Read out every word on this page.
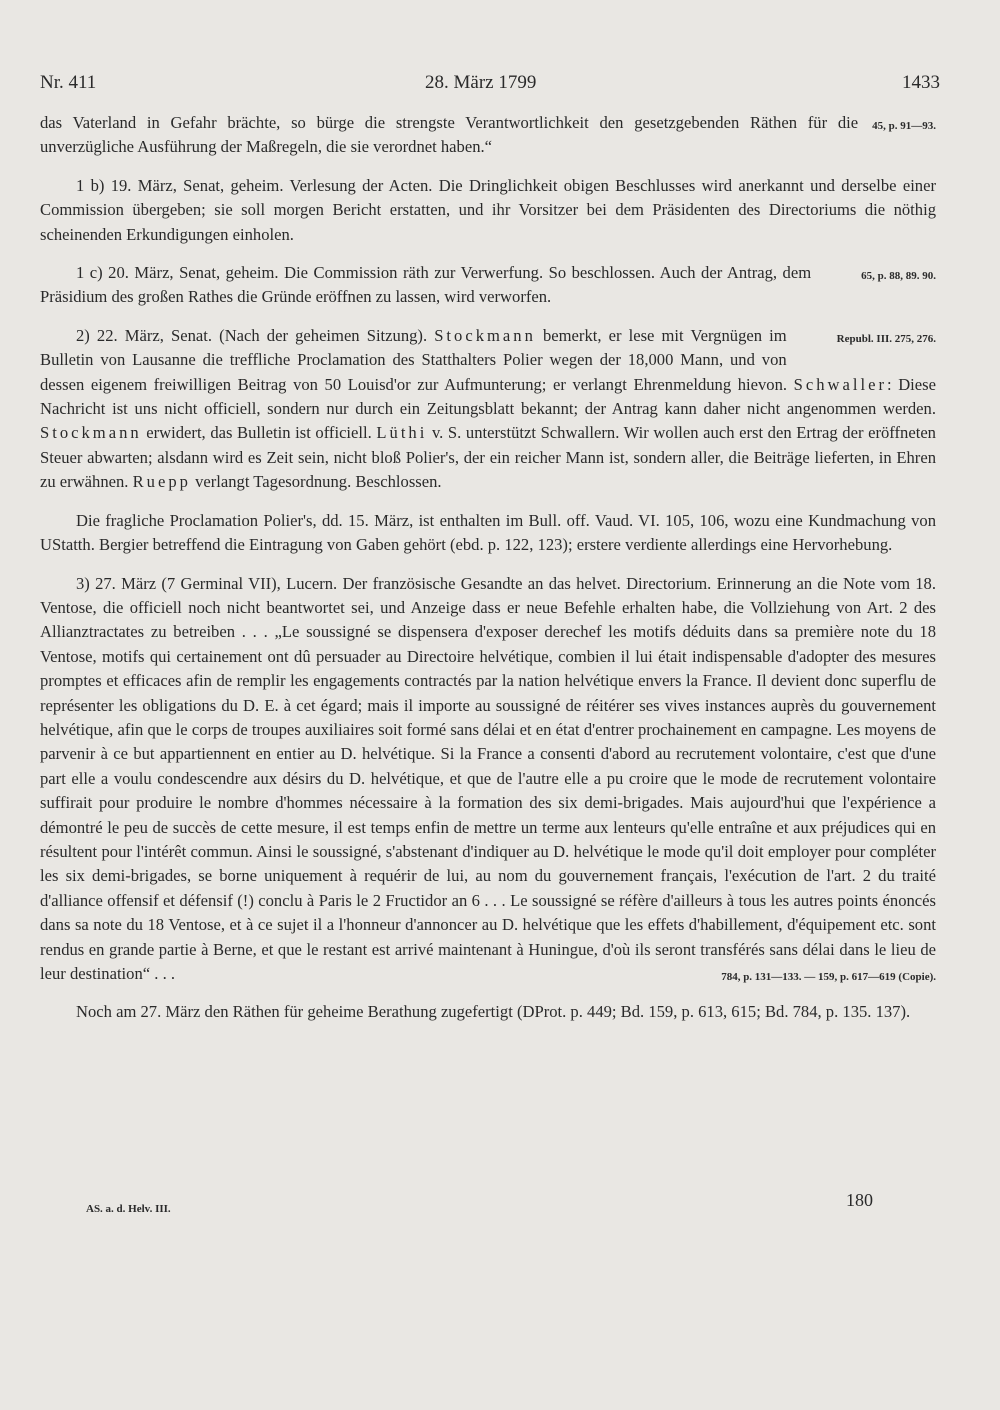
Nr. 411	28. März 1799	1433

45, p. 91—93.
das Vaterland in Gefahr brächte, so bürge die strengste Verantwortlichkeit den gesetzgebenden Räthen für die unverzügliche Ausführung der Maßregeln, die sie verordnet haben.“

1 b) 19. März, Senat, geheim. Verlesung der Acten. Die Dringlichkeit obigen Beschlusses wird anerkannt und derselbe einer Commission übergeben; sie soll morgen Bericht erstatten, und ihr Vorsitzer bei dem Präsidenten des Directoriums die nöthig scheinenden Erkundigungen einholen.

65, p. 88, 89. 90.
1 c) 20. März, Senat, geheim. Die Commission räth zur Verwerfung. So beschlossen. Auch der Antrag, dem Präsidium des großen Rathes die Gründe eröffnen zu lassen, wird verworfen.

Republ. III. 275, 276.
2) 22. März, Senat. (Nach der geheimen Sitzung). Stockmann bemerkt, er lese mit Vergnügen im Bulletin von Lausanne die treffliche Proclamation des Statthalters Polier wegen der 18,000 Mann, und von dessen eigenem freiwilligen Beitrag von 50 Louisd'or zur Aufmunterung; er verlangt Ehrenmeldung hievon. Schwaller: Diese Nachricht ist uns nicht officiell, sondern nur durch ein Zeitungsblatt bekannt; der Antrag kann daher nicht angenommen werden. Stockmann erwidert, das Bulletin ist officiell. Lüthi v. S. unterstützt Schwallern. Wir wollen auch erst den Ertrag der eröffneten Steuer abwarten; alsdann wird es Zeit sein, nicht bloß Polier's, der ein reicher Mann ist, sondern aller, die Beiträge lieferten, in Ehren zu erwähnen. Ruepp verlangt Tagesordnung. Beschlossen.

Die fragliche Proclamation Polier's, dd. 15. März, ist enthalten im Bull. off. Vaud. VI. 105, 106, wozu eine Kundmachung von UStatth. Bergier betreffend die Eintragung von Gaben gehört (ebd. p. 122, 123); erstere verdiente allerdings eine Hervorhebung.

3) 27. März (7 Germinal VII), Lucern. Der französische Gesandte an das helvet. Directorium. Erinnerung an die Note vom 18. Ventose, die officiell noch nicht beantwortet sei, und Anzeige dass er neue Befehle erhalten habe, die Vollziehung von Art. 2 des Allianztractates zu betreiben . . . „Le soussigné se dispensera d'exposer derechef les motifs déduits dans sa première note du 18 Ventose, motifs qui certainement ont dû persuader au Directoire helvétique, combien il lui était indispensable d'adopter des mesures promptes et efficaces afin de remplir les engagements contractés par la nation helvétique envers la France. Il devient donc superflu de représenter les obligations du D. E. à cet égard; mais il importe au soussigné de réitérer ses vives instances auprès du gouvernement helvétique, afin que le corps de troupes auxiliaires soit formé sans délai et en état d'entrer prochainement en campagne. Les moyens de parvenir à ce but appartiennent en entier au D. helvétique. Si la France a consenti d'abord au recrutement volontaire, c'est que d'une part elle a voulu condescendre aux désirs du D. helvétique, et que de l'autre elle a pu croire que le mode de recrutement volontaire suffirait pour produire le nombre d'hommes nécessaire à la formation des six demi-brigades. Mais aujourd'hui que l'expérience a démontré le peu de succès de cette mesure, il est temps enfin de mettre un terme aux lenteurs qu'elle entraîne et aux préjudices qui en résultent pour l'intérêt commun. Ainsi le soussigné, s'abstenant d'indiquer au D. helvétique le mode qu'il doit employer pour compléter les six demi-brigades, se borne uniquement à requérir de lui, au nom du gouvernement français, l'exécution de l'art. 2 du traité d'alliance offensif et défensif (!) conclu à Paris le 2 Fructidor an 6 . . . Le soussigné se réfère d'ailleurs à tous les autres points énoncés dans sa note du 18 Ventose, et à ce sujet il a l'honneur d'annoncer au D. helvétique que les effets d'habillement, d'équipement etc. sont rendus en grande partie à Berne, et que le restant est arrivé maintenant à Huningue, d'où ils seront transférés sans délai dans le lieu de leur destination“ . . .	784, p. 131—133. — 159, p. 617—619 (Copie).

Noch am 27. März den Räthen für geheime Berathung zugefertigt (DProt. p. 449; Bd. 159, p. 613, 615; Bd. 784, p. 135. 137).

AS. a. d. Helv. III.	180
